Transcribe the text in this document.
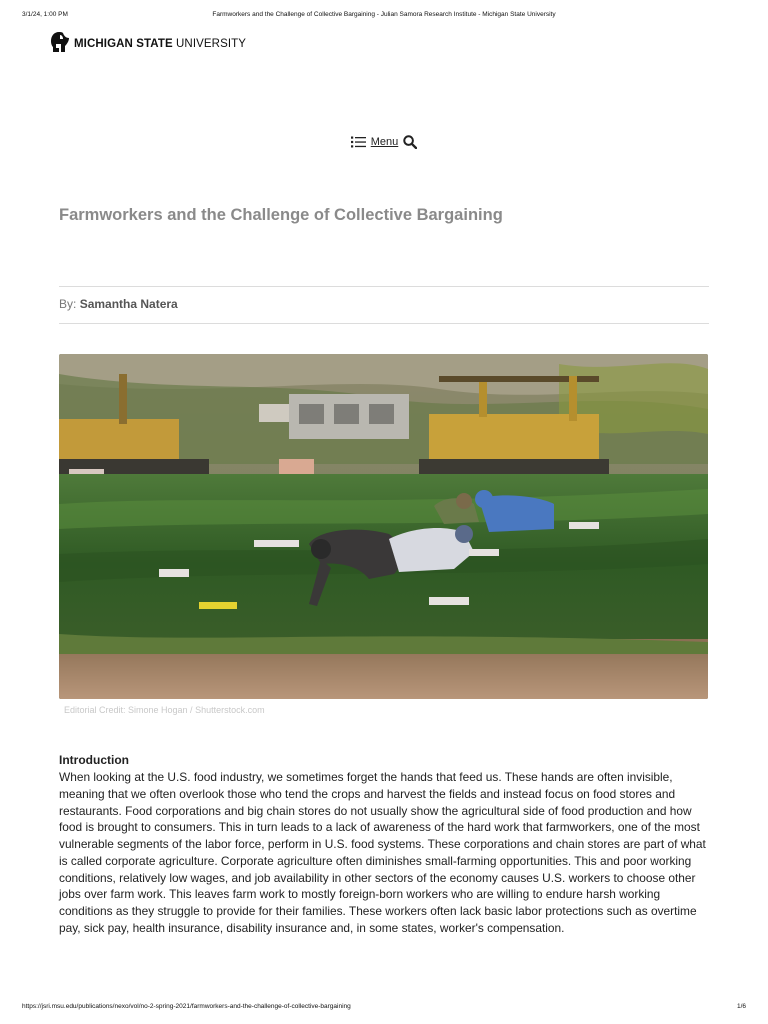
3/1/24, 1:00 PM	Farmworkers and the Challenge of Collective Bargaining - Julian Samora Research Institute - Michigan State University
MICHIGAN STATE UNIVERSITY
Menu
Farmworkers and the Challenge of Collective Bargaining
By: Samantha Natera
Editorial Credit: Simone Hogan / Shutterstock.com
Introduction

When looking at the U.S. food industry, we sometimes forget the hands that feed us. These hands are often invisible, meaning that we often overlook those who tend the crops and harvest the fields and instead focus on food stores and restaurants. Food corporations and big chain stores do not usually show the agricultural side of food production and how food is brought to consumers. This in turn leads to a lack of awareness of the hard work that farmworkers, one of the most vulnerable segments of the labor force, perform in U.S. food systems. These corporations and chain stores are part of what is called corporate agriculture. Corporate agriculture often diminishes small-farming opportunities. This and poor working conditions, relatively low wages, and job availability in other sectors of the economy causes U.S. workers to choose other jobs over farm work. This leaves farm work to mostly foreign-born workers who are willing to endure harsh working conditions as they struggle to provide for their families. These workers often lack basic labor protections such as overtime pay, sick pay, health insurance, disability insurance and, in some states, worker's compensation.

https://jsri.msu.edu/publications/nexo/vol/no-2-spring-2021/farmworkers-and-the-challenge-of-collective-bargaining	1/6
